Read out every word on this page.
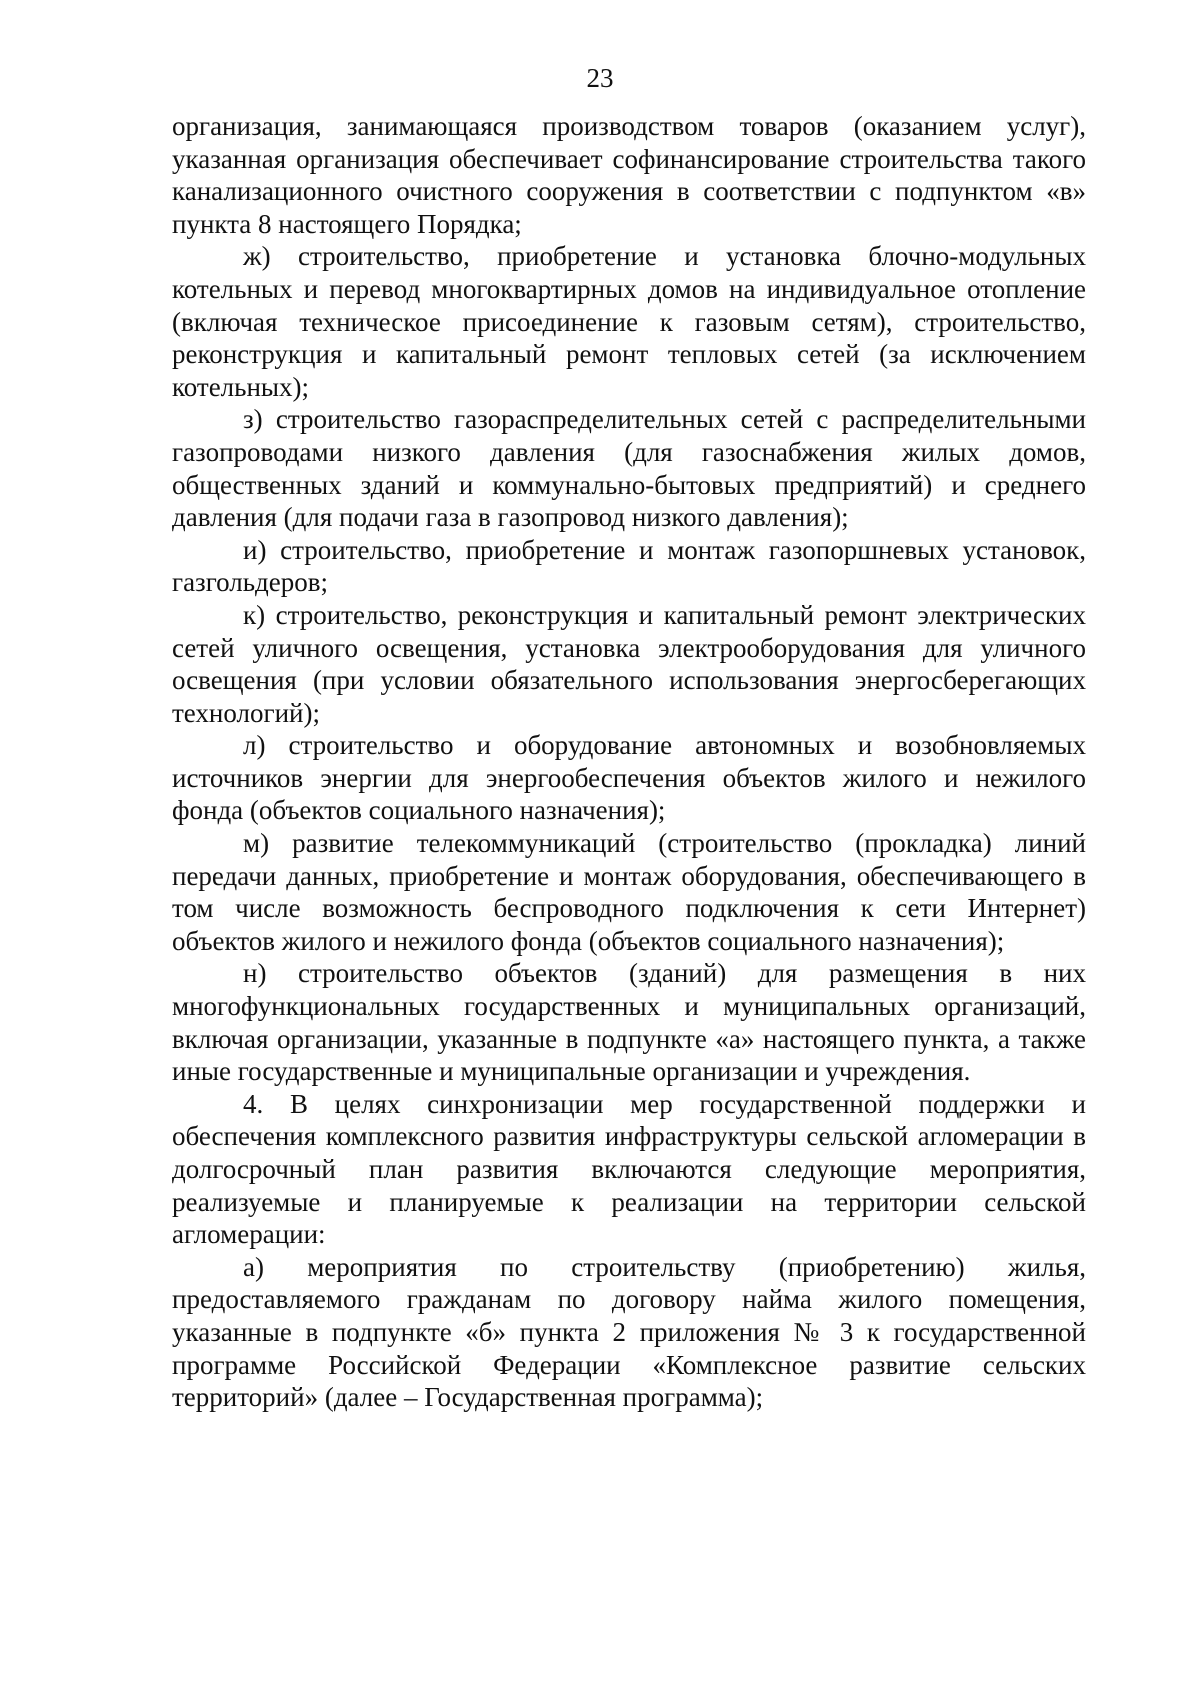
23

организация, занимающаяся производством товаров (оказанием услуг), указанная организация обеспечивает софинансирование строительства такого канализационного очистного сооружения в соответствии с подпунктом «в» пункта 8 настоящего Порядка;

ж) строительство, приобретение и установка блочно-модульных котельных и перевод многоквартирных домов на индивидуальное отопление (включая техническое присоединение к газовым сетям), строительство, реконструкция и капитальный ремонт тепловых сетей (за исключением котельных);

з) строительство газораспределительных сетей с распределительными газопроводами низкого давления (для газоснабжения жилых домов, общественных зданий и коммунально-бытовых предприятий) и среднего давления (для подачи газа в газопровод низкого давления);

и) строительство, приобретение и монтаж газопоршневых установок, газгольдеров;

к) строительство, реконструкция и капитальный ремонт электрических сетей уличного освещения, установка электрооборудования для уличного освещения (при условии обязательного использования энергосберегающих технологий);

л) строительство и оборудование автономных и возобновляемых источников энергии для энергообеспечения объектов жилого и нежилого фонда (объектов социального назначения);

м) развитие телекоммуникаций (строительство (прокладка) линий передачи данных, приобретение и монтаж оборудования, обеспечивающего в том числе возможность беспроводного подключения к сети Интернет) объектов жилого и нежилого фонда (объектов социального назначения);

н) строительство объектов (зданий) для размещения в них многофункциональных государственных и муниципальных организаций, включая организации, указанные в подпункте «а» настоящего пункта, а также иные государственные и муниципальные организации и учреждения.

4. В целях синхронизации мер государственной поддержки и обеспечения комплексного развития инфраструктуры сельской агломерации в долгосрочный план развития включаются следующие мероприятия, реализуемые и планируемые к реализации на территории сельской агломерации:

а) мероприятия по строительству (приобретению) жилья, предоставляемого гражданам по договору найма жилого помещения, указанные в подпункте «б» пункта 2 приложения № 3 к государственной программе Российской Федерации «Комплексное развитие сельских территорий» (далее – Государственная программа);
